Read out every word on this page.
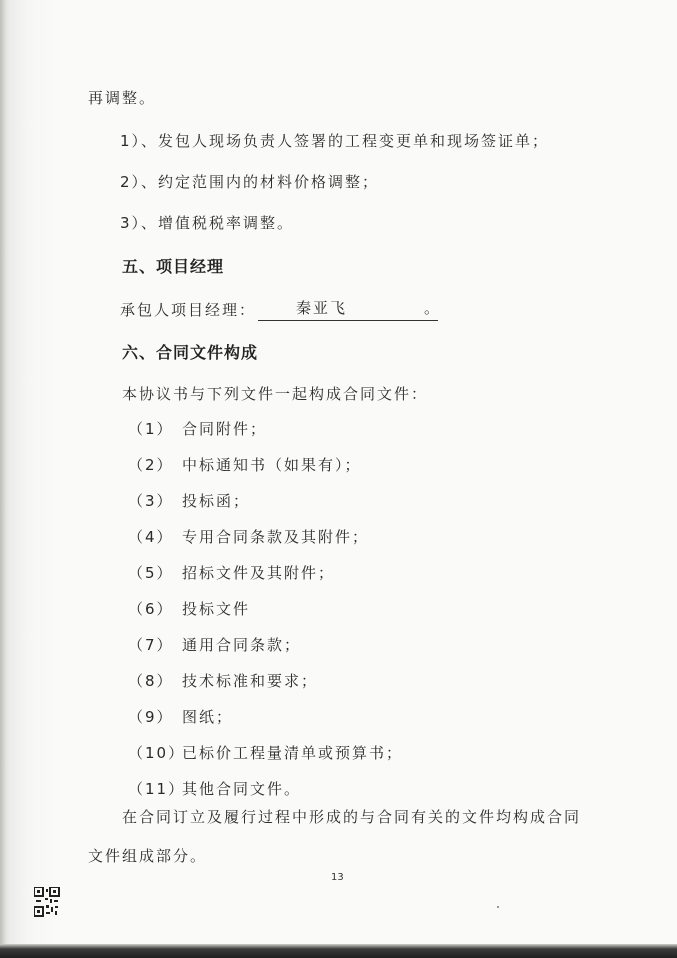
再调整。
1）、发包人现场负责人签署的工程变更单和现场签证单；
2）、约定范围内的材料价格调整；
3）、增值税税率调整。
五、项目经理
承包人项目经理：	秦亚飞	。
六、合同文件构成
本协议书与下列文件一起构成合同文件：
（1） 合同附件；
（2） 中标通知书（如果有）；
（3） 投标函；
（4） 专用合同条款及其附件；
（5） 招标文件及其附件；
（6） 投标文件
（7） 通用合同条款；
（8） 技术标准和要求；
（9） 图纸；
（10）已标价工程量清单或预算书；
（11）其他合同文件。
在合同订立及履行过程中形成的与合同有关的文件均构成合同
文件组成部分。
13
